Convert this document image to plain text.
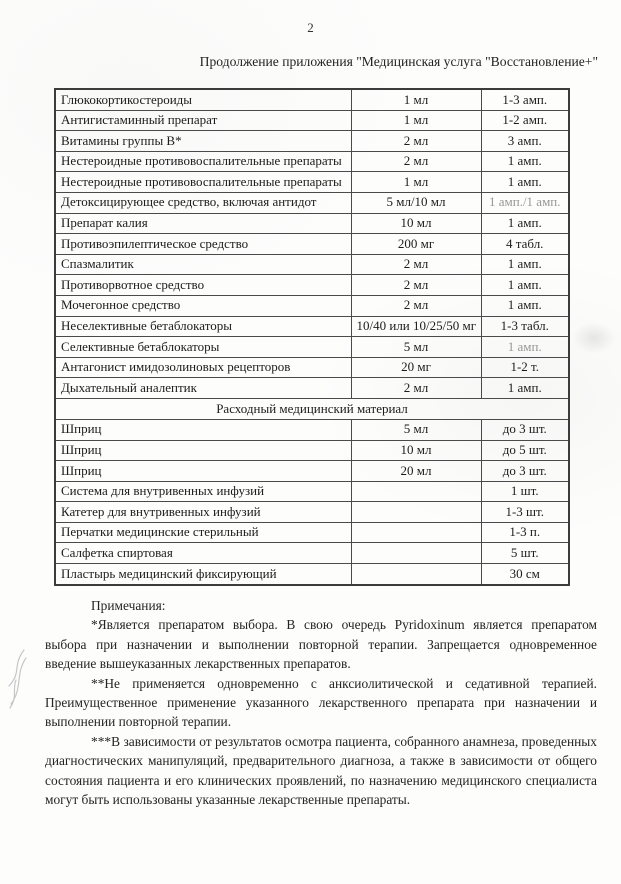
2
Продолжение приложения "Медицинская услуга "Восстановление+"
Глюкокортикостероиды	1 мл	1-3 амп.
Антигистаминный препарат	1 мл	1-2 амп.
Витамины группы В*	2 мл	3 амп.
Нестероидные противовоспалительные препараты	2 мл	1 амп.
Нестероидные противовоспалительные препараты	1 мл	1 амп.
Детоксицирующее средство, включая антидот	5 мл/10 мл	1 амп./1 амп.
Препарат калия	10 мл	1 амп.
Противоэпилептическое средство	200 мг	4 табл.
Спазмалитик	2 мл	1 амп.
Противорвотное средство	2 мл	1 амп.
Мочегонное средство	2 мл	1 амп.
Неселективные бетаблокаторы	10/40 или 10/25/50 мг	1-3 табл.
Селективные бетаблокаторы	5 мл	1 амп.
Антагонист имидозолиновых рецепторов	20 мг	1-2 т.
Дыхательный аналептик	2 мл	1 амп.
Расходный медицинский материал		
Шприц	5 мл	до 3 шт.
Шприц	10 мл	до 5 шт.
Шприц	20 мл	до 3 шт.
Система для внутривенных инфузий		1 шт.
Катетер для внутривенных инфузий		1-3 шт.
Перчатки медицинские стерильный		1-3 п.
Салфетка спиртовая		5 шт.
Пластырь медицинский фиксирующий		30 см

Примечания:

*Является препаратом выбора. В свою очередь Pyridoxinum является препаратом выбора при назначении и выполнении повторной терапии. Запрещается одновременное введение вышеуказанных лекарственных препаратов.

**Не применяется одновременно с анксиолитической и седативной терапией. Преимущественное применение указанного лекарственного препарата при назначении и выполнении повторной терапии.

***В зависимости от результатов осмотра пациента, собранного анамнеза, проведенных диагностических манипуляций, предварительного диагноза, а также в зависимости от общего состояния пациента и его клинических проявлений, по назначению медицинского специалиста могут быть использованы указанные лекарственные препараты.
